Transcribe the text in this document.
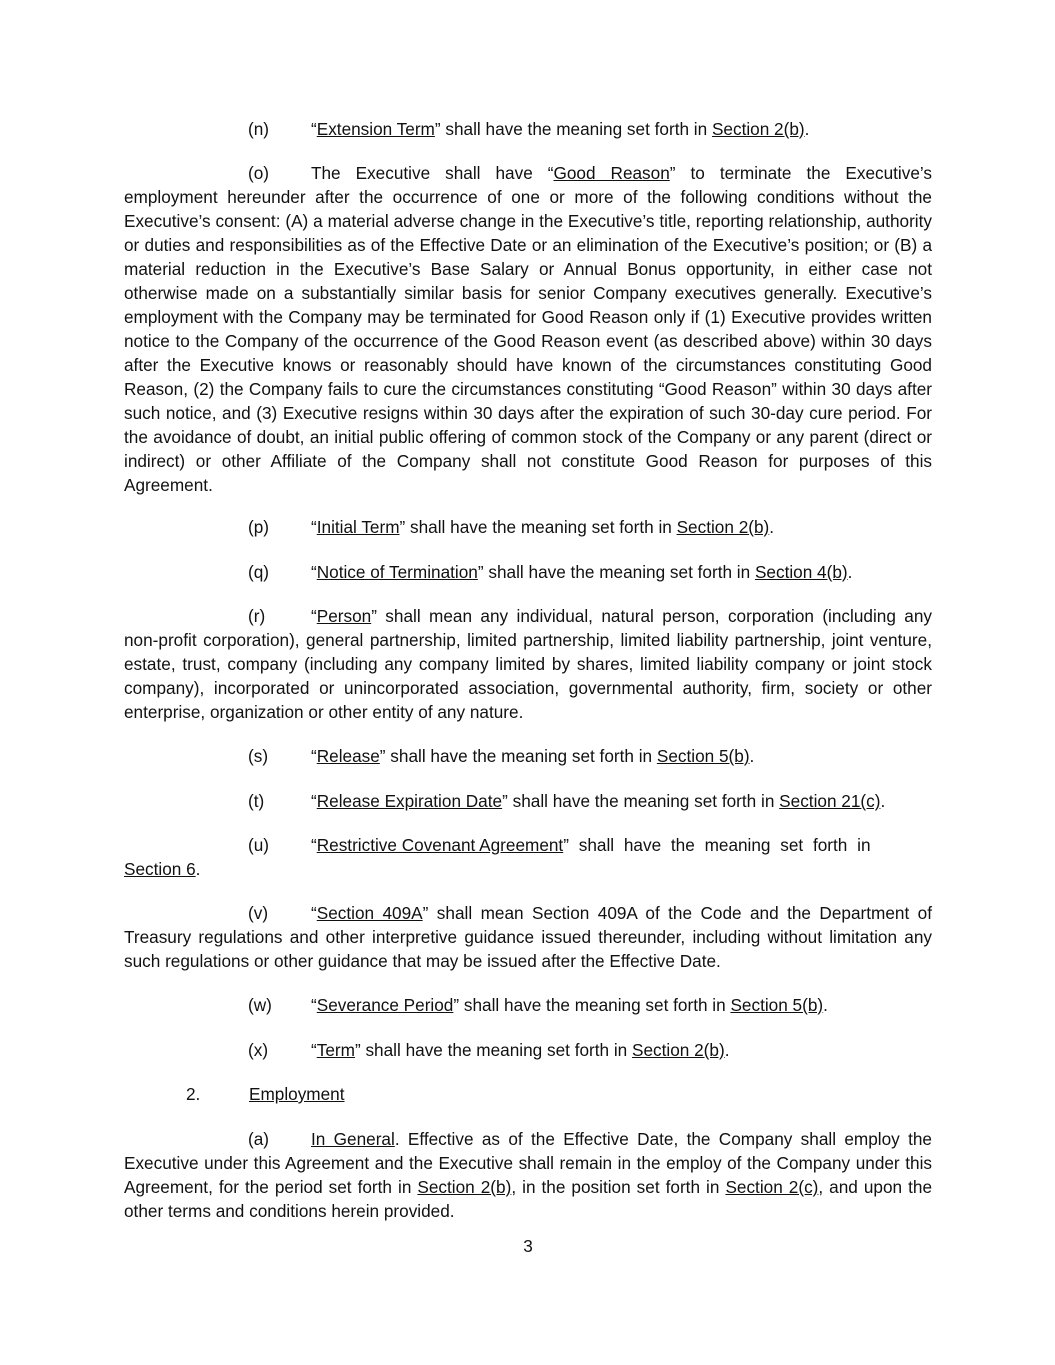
(n) “Extension Term” shall have the meaning set forth in Section 2(b).

(o) The Executive shall have “Good Reason” to terminate the Executive’s employment hereunder after the occurrence of one or more of the following conditions without the Executive’s consent: (A) a material adverse change in the Executive’s title, reporting relationship, authority or duties and responsibilities as of the Effective Date or an elimination of the Executive’s position; or (B) a material reduction in the Executive’s Base Salary or Annual Bonus opportunity, in either case not otherwise made on a substantially similar basis for senior Company executives generally. Executive’s employment with the Company may be terminated for Good Reason only if (1) Executive provides written notice to the Company of the occurrence of the Good Reason event (as described above) within 30 days after the Executive knows or reasonably should have known of the circumstances constituting Good Reason, (2) the Company fails to cure the circumstances constituting “Good Reason” within 30 days after such notice, and (3) Executive resigns within 30 days after the expiration of such 30-day cure period. For the avoidance of doubt, an initial public offering of common stock of the Company or any parent (direct or indirect) or other Affiliate of the Company shall not constitute Good Reason for purposes of this Agreement.

(p) “Initial Term” shall have the meaning set forth in Section 2(b).

(q) “Notice of Termination” shall have the meaning set forth in Section 4(b).

(r)	“Person” shall mean any individual, natural person, corporation (including any non-profit corporation), general partnership, limited partnership, limited liability partnership, joint venture, estate, trust, company (including any company limited by shares, limited liability company or joint stock company), incorporated or unincorporated association, governmental authority, firm, society or other enterprise, organization or other entity of any nature.

(s) “Release” shall have the meaning set forth in Section 5(b).

(t)	“Release Expiration Date” shall have the meaning set forth in Section 21(c).

(u) “Restrictive Covenant Agreement” shall have the meaning set forth in
Section 6.

(v) “Section 409A” shall mean Section 409A of the Code and the Department of Treasury regulations and other interpretive guidance issued thereunder, including without limitation any such regulations or other guidance that may be issued after the Effective Date.

(w) “Severance Period” shall have the meaning set forth in Section 5(b).

(x) “Term” shall have the meaning set forth in Section 2(b).

2.	Employment

(a) In General. Effective as of the Effective Date, the Company shall employ the Executive under this Agreement and the Executive shall remain in the employ of the Company under this Agreement, for the period set forth in Section 2(b), in the position set forth in Section 2(c), and upon the other terms and conditions herein provided.

3
